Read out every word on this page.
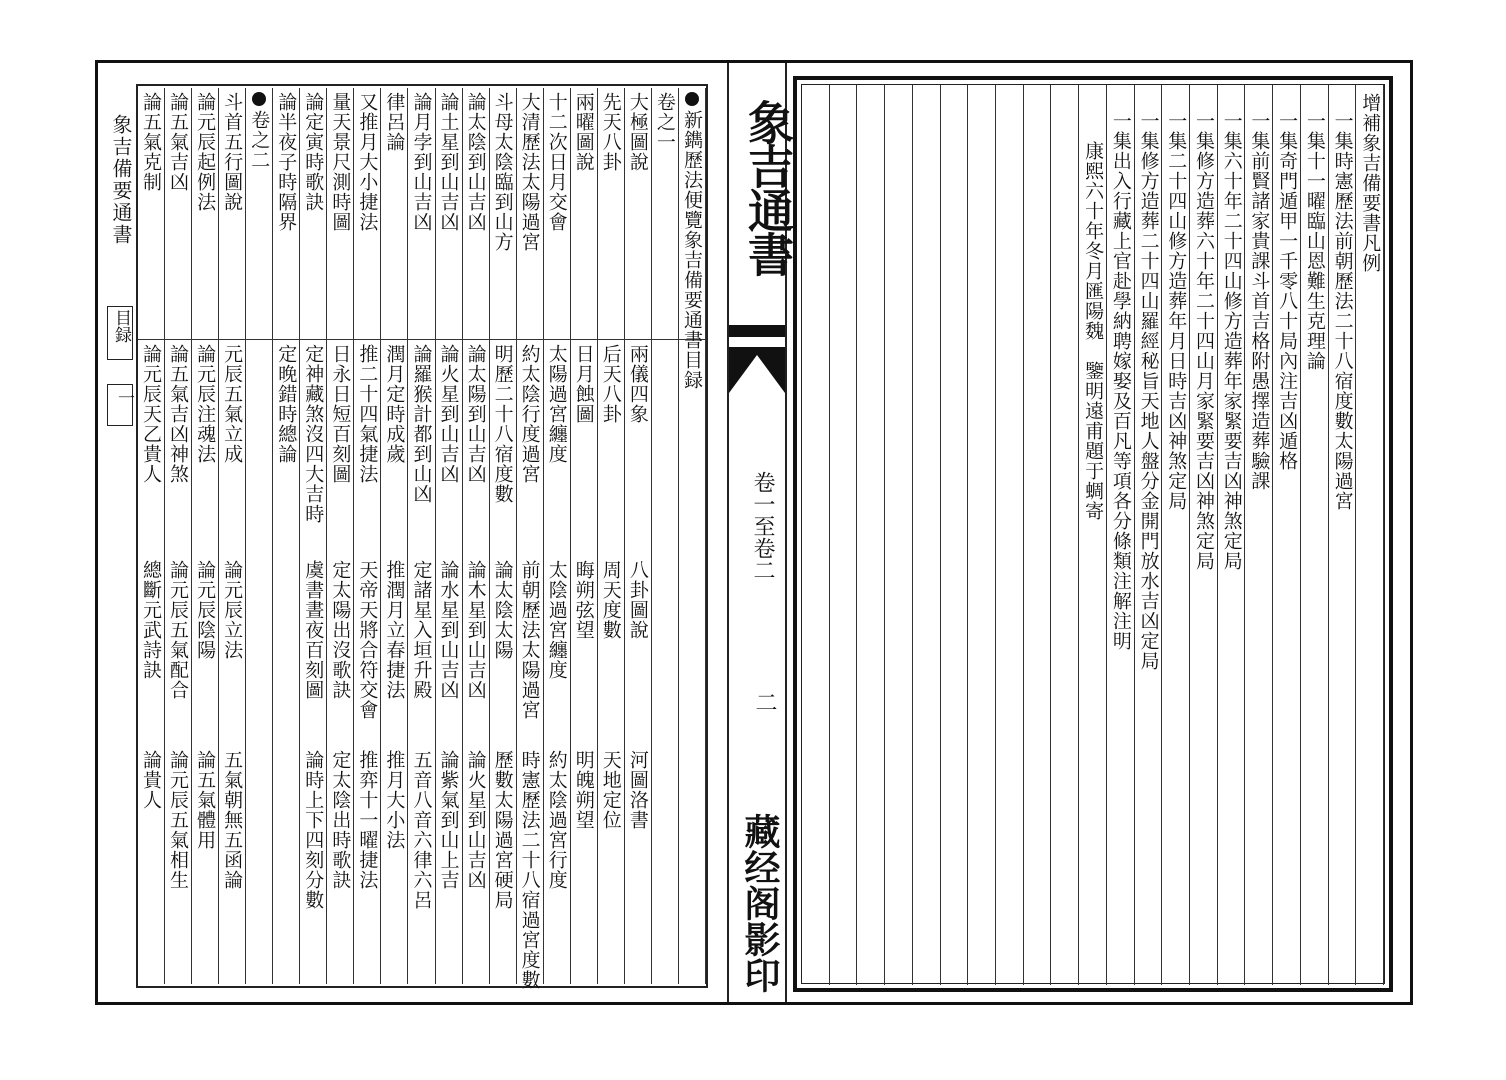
象吉備要通書
目録
一
新鐫歷法便覽象吉備要通書目録
卷之一
大極圖說
兩儀四象
八卦圖說
河圖洛書
先天八卦
后天八卦
周天度數
天地定位
兩曜圖說
日月蝕圖
晦朔弦望
明魄朔望
十二次日月交會
太陽過宮纏度
太陰過宮纏度
約太陰過宮行度
大清歷法太陽過宮
約太陰行度過宮
前朝歷法太陽過宮
時憲歷法二十八宿過宮度數
斗母太陰臨到山方
明歷二十八宿度數
論太陰太陽
歷數太陽過宮硬局
論太陰到山吉凶
論太陽到山吉凶
論木星到山吉凶
論火星到山吉凶
論土星到山吉凶
論火星到山吉凶
論水星到山吉凶
論紫氣到山上吉
論月孛到山吉凶
論羅猴計都到山凶
定諸星入垣升殿
五音八音六律六呂
律呂論
潤月定時成歲
推潤月立春捷法
推月大小法
又推月大小捷法
推二十四氣捷法
天帝天將合符交會
推弈十一曜捷法
量天景尺測時圖
日永日短百刻圖
定太陽出沒歌訣
定太陰出時歌訣
論定寅時歌訣
定神藏煞沒四大吉時
虞書晝夜百刻圖
論時上下四刻分數
論半夜子時隔界
定晚錯時總論
卷之二
斗首五行圖說
元辰五氣立成
論元辰立法
五氣朝無五函論
論元辰起例法
論元辰注魂法
論元辰陰陽
論五氣體用
論五氣吉凶
論五氣吉凶神煞
論元辰五氣配合
論元辰五氣相生
論五氣克制
論元辰天乙貴人
總斷元武詩訣
論貴人
象吉通書
卷一至卷二
二
藏经阁影印
增補象吉備要書凡例
一集時憲歷法前朝歷法二十八宿度數太陽過宮
一集十一曜臨山恩難生克理論
一集奇門遁甲一千零八十局內注吉凶遁格
一集前賢諸家貴課斗首吉格附愚擇造葬驗課
一集六十年二十四山修方造葬年家緊要吉凶神煞定局
一集修方造葬六十年二十四山月家緊要吉凶神煞定局
一集二十四山修方造葬年月日時吉凶神煞定局
一集修方造葬二十四山羅經秘旨天地人盤分金開門放水吉凶定局
一集出入行藏上官赴學納聘嫁娶及百凡等項各分條類注解注明
康熙六十年冬月匯陽魏　鑒明遠甫題于蜩寄
